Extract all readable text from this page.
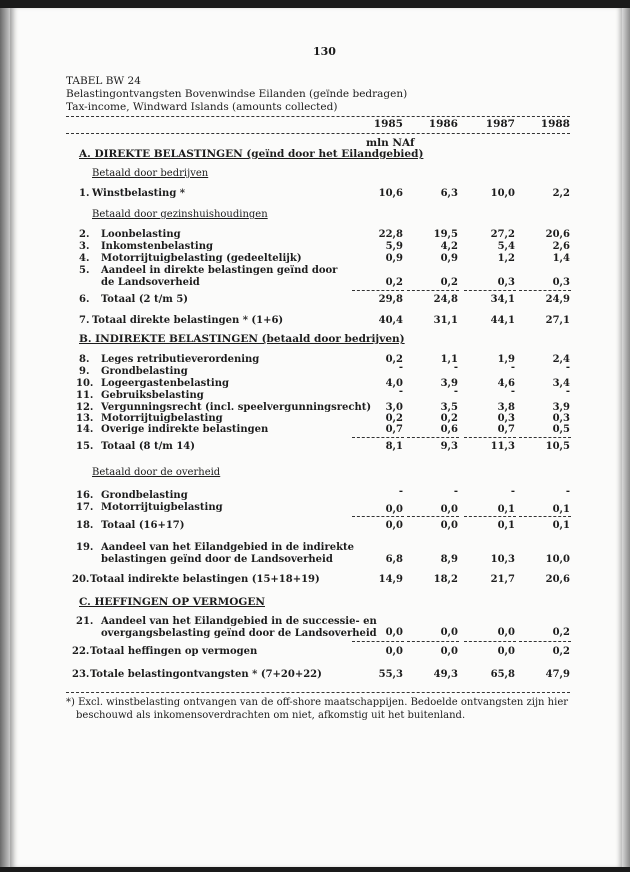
130
TABEL BW 24
Belastingontvangsten Bovenwindse Eilanden (geïnde bedragen)
Tax-income, Windward Islands (amounts collected)
1985	1986	1987	1988
mln NAf
A. DIREKTE BELASTINGEN (geïnd door het Eilandgebied)
Betaald door bedrijven
1. Winstbelasting *	10,6	6,3	10,0	2,2
Betaald door gezinshuishoudingen
2. Loonbelasting	22,8	19,5	27,2	20,6
3. Inkomstenbelasting	5,9	4,2	5,4	2,6
4. Motorrijtuigbelasting (gedeeltelijk)	0,9	0,9	1,2	1,4
5. Aandeel in direkte belastingen geïnd door
de Landsoverheid	0,2	0,2	0,3	0,3
6. Totaal (2 t/m 5)	29,8	24,8	34,1	24,9
7. Totaal direkte belastingen * (1+6)	40,4	31,1	44,1	27,1
B. INDIREKTE BELASTINGEN (betaald door bedrijven)
8. Leges retributieverordening	0,2	1,1	1,9	2,4
9. Grondbelasting	-	-	-	-
10. Logeergastenbelasting	4,0	3,9	4,6	3,4
11. Gebruiksbelasting	-	-	-	-
12. Vergunningsrecht (incl. speelvergunningsrecht)	3,0	3,5	3,8	3,9
13. Motorrijtuigbelasting	0,2	0,2	0,3	0,3
14. Overige indirekte belastingen	0,7	0,6	0,7	0,5
15. Totaal (8 t/m 14)	8,1	9,3	11,3	10,5
Betaald door de overheid
16. Grondbelasting	-	-	-	-
17. Motorrijtuigbelasting	0,0	0,0	0,1	0,1
18. Totaal (16+17)	0,0	0,0	0,1	0,1
19. Aandeel van het Eilandgebied in de indirekte
belastingen geïnd door de Landsoverheid	6,8	8,9	10,3	10,0
20. Totaal indirekte belastingen (15+18+19)	14,9	18,2	21,7	20,6
C. HEFFINGEN OP VERMOGEN
21. Aandeel van het Eilandgebied in de successie- en
overgangsbelasting geïnd door de Landsoverheid 0,0	0,0	0,0	0,2
22. Totaal heffingen op vermogen	0,0	0,0	0,0	0,2
23. Totale belastingontvangsten * (7+20+22)	55,3	49,3	65,8	47,9
*) Excl. winstbelasting ontvangen van de off-shore maatschappijen. Bedoelde ontvangsten zijn hier
beschouwd als inkomensoverdrachten om niet, afkomstig uit het buitenland.
